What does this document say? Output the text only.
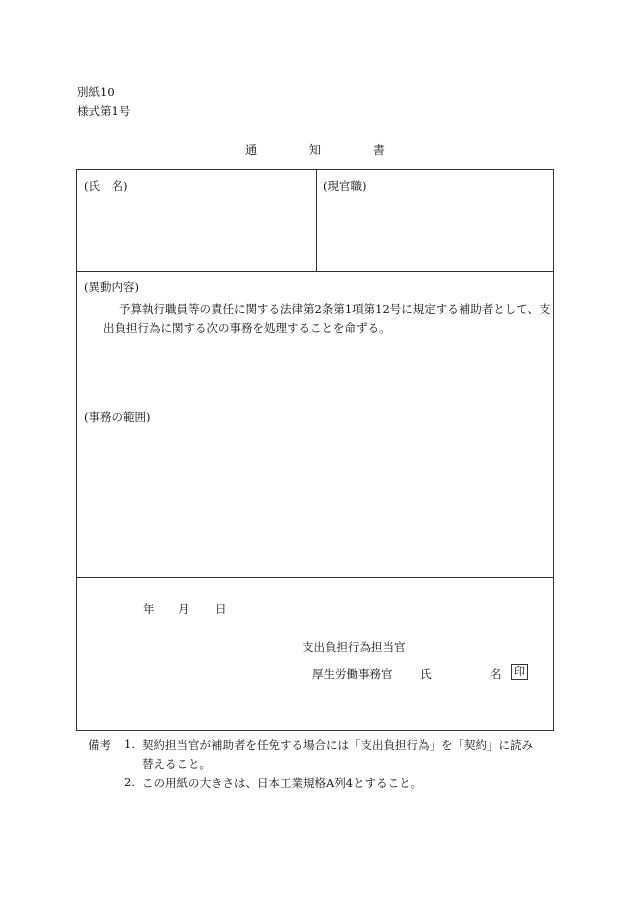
別紙10
様式第1号
通	知	書
(氏　名)	(現官職)
(異動内容)
予算執行職員等の責任に関する法律第2条第1項第12号に規定する補助者として、支出負担行為に関する次の事務を処理することを命ずる。
(事務の範囲)
年 月 日
支出負担行為担当官
厚生労働事務官 氏	名 印
備考 1. 契約担当官が補助者を任免する場合には「支出負担行為」を「契約」に読み
替えること。
2. この用紙の大きさは、日本工業規格A列4とすること。
